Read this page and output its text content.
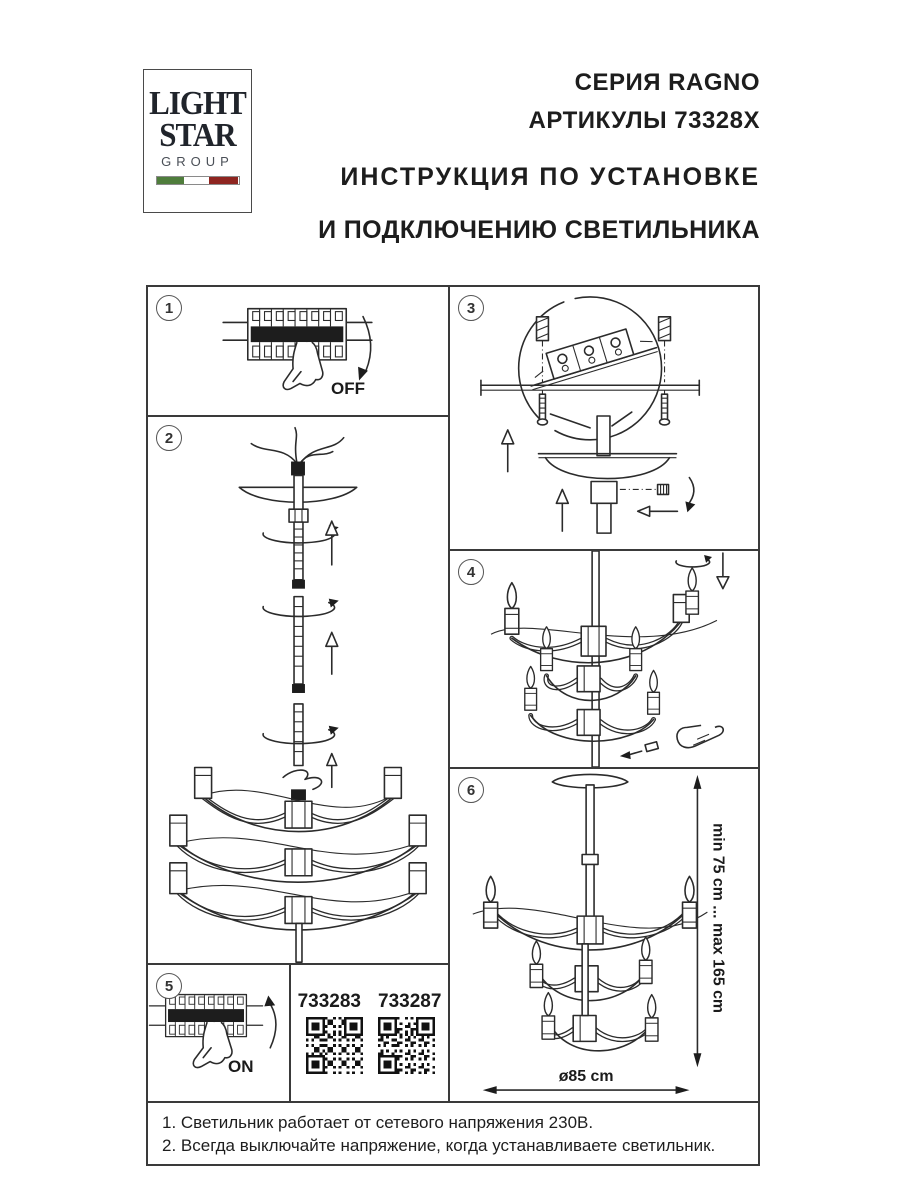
LIGHT
STAR
GROUP
СЕРИЯ RAGNO
АРТИКУЛЫ 73328X
ИНСТРУКЦИЯ ПО УСТАНОВКЕ
И ПОДКЛЮЧЕНИЮ СВЕТИЛЬНИКА
1
OFF
2
3
4
6
min 75 cm ... max 165 cm
ø85 cm
5
ON
733283 733287
1. Светильник работает от сетевого напряжения 230В.
2. Всегда выключайте напряжение, когда устанавливаете светильник.
